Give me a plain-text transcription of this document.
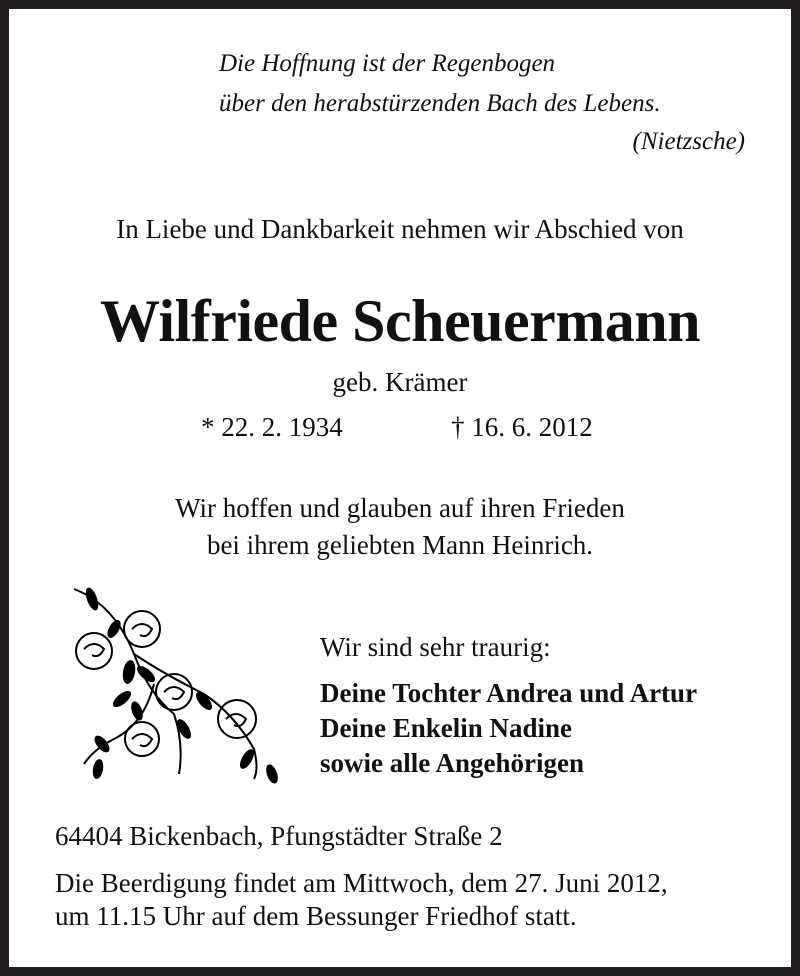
Die Hoffnung ist der Regenbogen
über den herabstürzenden Bach des Lebens.
(Nietzsche)
In Liebe und Dankbarkeit nehmen wir Abschied von
Wilfriede Scheuermann
geb. Krämer
* 22. 2. 1934	† 16. 6. 2012
Wir hoffen und glauben auf ihren Frieden
bei ihrem geliebten Mann Heinrich.
Wir sind sehr traurig:
Deine Tochter Andrea und Artur
Deine Enkelin Nadine
sowie alle Angehörigen
64404 Bickenbach, Pfungstädter Straße 2
Die Beerdigung findet am Mittwoch, dem 27. Juni 2012,
um 11.15 Uhr auf dem Bessunger Friedhof statt.
